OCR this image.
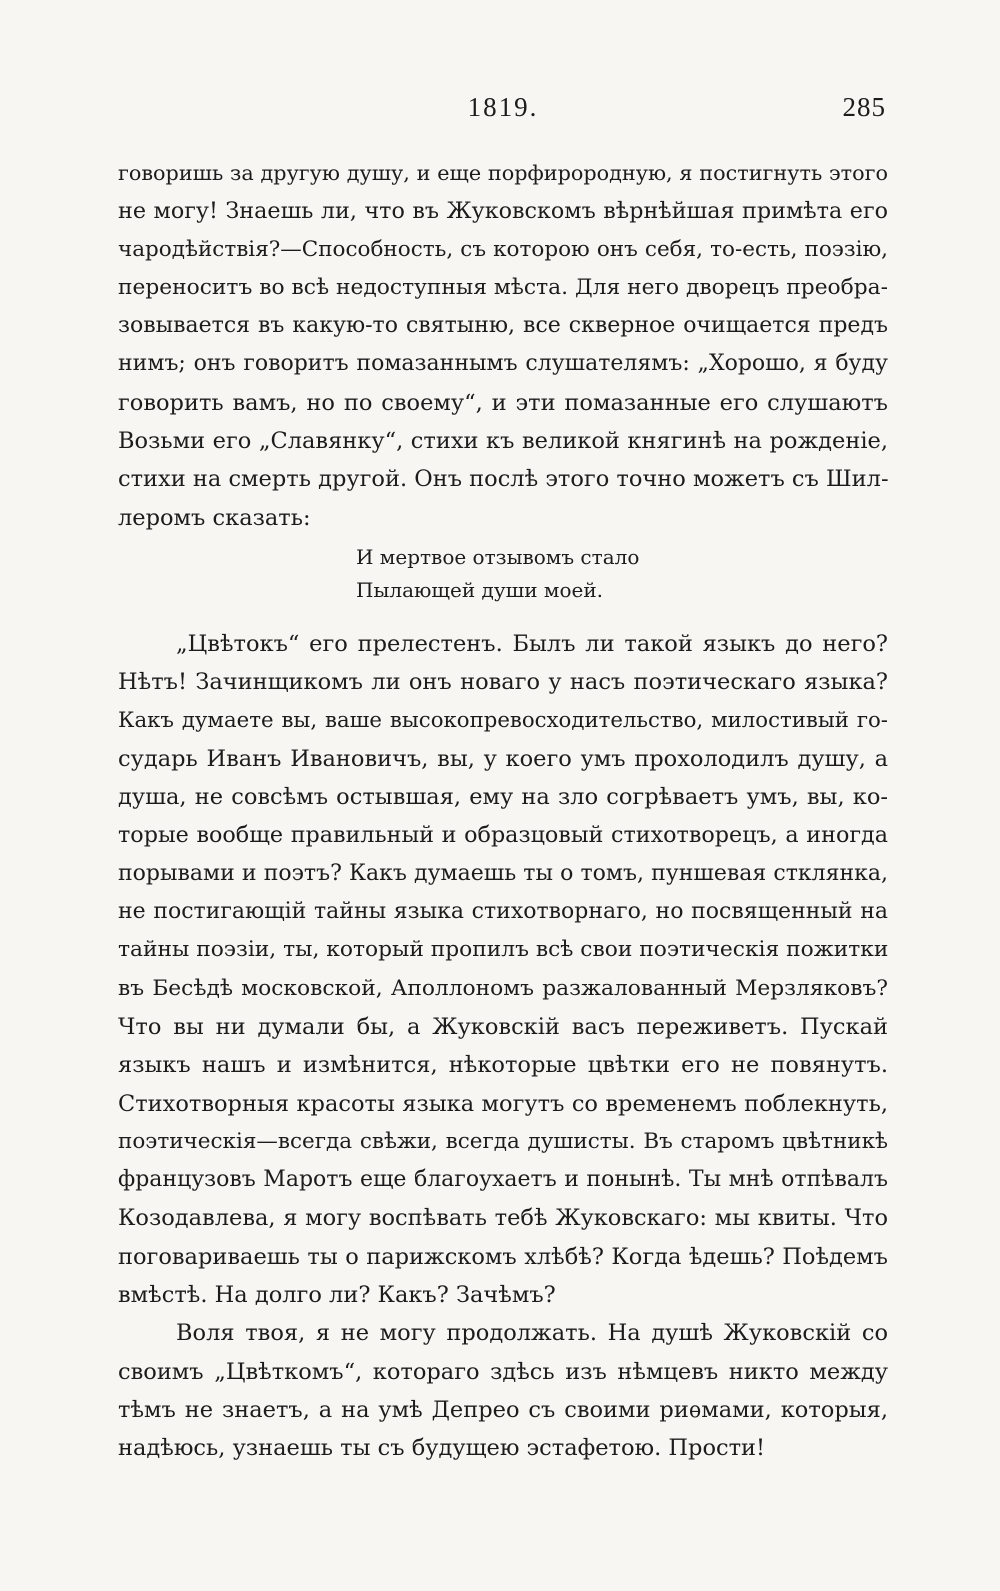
1819.	285
говоришь за другую душу, и еще порфирородную, я постигнуть этого
не могу! Знаешь ли, что въ Жуковскомъ вѣрнѣйшая примѣта его
чародѣйствія?—Способность, съ которою онъ себя, то-есть, поэзію,
переноситъ во всѣ недоступныя мѣста. Для него дворецъ преобра-
зовывается въ какую-то святыню, все скверное очищается предъ
нимъ; онъ говоритъ помазаннымъ слушателямъ: „Хорошо, я буду
говорить вамъ, но по своему“, и эти помазанные его слушаютъ
Возьми его „Славянку“, стихи къ великой княгинѣ на рожденіе,
стихи на смерть другой. Онъ послѣ этого точно можетъ съ Шил-
леромъ сказать:
И мертвое отзывомъ стало
Пылающей души моей.
„Цвѣтокъ“ его прелестенъ. Былъ ли такой языкъ до него?
Нѣтъ! Зачинщикомъ ли онъ новаго у насъ поэтическаго языка?
Какъ думаете вы, ваше высокопревосходительство, милостивый го-
сударь Иванъ Ивановичъ, вы, у коего умъ прохолодилъ душу, а
душа, не совсѣмъ остывшая, ему на зло согрѣваетъ умъ, вы, ко-
торые вообще правильный и образцовый стихотворецъ, а иногда
порывами и поэтъ? Какъ думаешь ты о томъ, пуншевая стклянка,
не постигающій тайны языка стихотворнаго, но посвященный на
тайны поэзіи, ты, который пропилъ всѣ свои поэтическія пожитки
въ Бесѣдѣ московской, Аполлономъ разжалованный Мерзляковъ?
Что вы ни думали бы, а Жуковскій васъ переживетъ. Пускай
языкъ нашъ и измѣнится, нѣкоторые цвѣтки его не повянутъ.
Стихотворныя красоты языка могутъ со временемъ поблекнуть,
поэтическія—всегда свѣжи, всегда душисты. Въ старомъ цвѣтникѣ
французовъ Маротъ еще благоухаетъ и понынѣ. Ты мнѣ отпѣвалъ
Козодавлева, я могу воспѣвать тебѣ Жуковскаго: мы квиты. Что
поговариваешь ты о парижскомъ хлѣбѣ? Когда ѣдешь? Поѣдемъ
вмѣстѣ. На долго ли? Какъ? Зачѣмъ?
Воля твоя, я не могу продолжать. На душѣ Жуковскій со
своимъ „Цвѣткомъ“, котораго здѣсь изъ нѣмцевъ никто между
тѣмъ не знаетъ, а на умѣ Депрео съ своими риѳмами, которыя,
надѣюсь, узнаешь ты съ будущею эстафетою. Прости!
